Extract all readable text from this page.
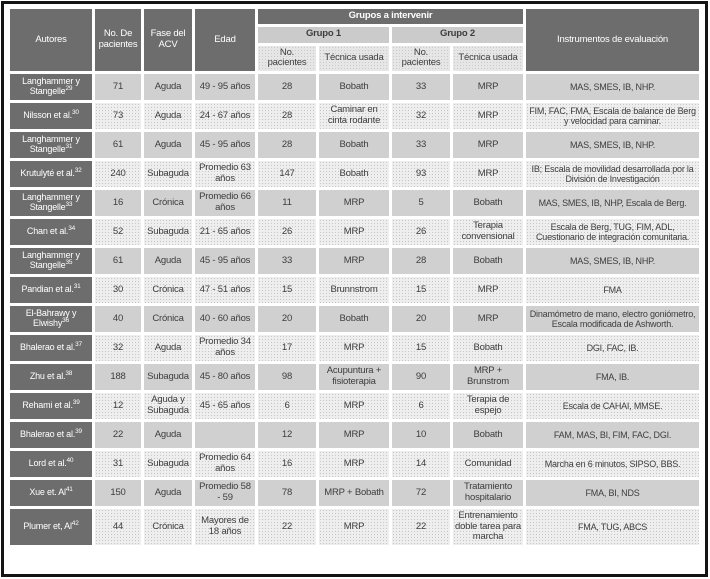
Autores	No. De pacientes	Fase del ACV	Edad	Grupos a intervenir				Instrumentos de evaluación
				Grupo 1		Grupo 2		
				No. pacientes	Técnica usada	No. pacientes	Técnica usada	
Langhammer y Stangelle$^{29}$	71	Aguda	49 - 95 años	28	Bobath	33	MRP	MAS, SMES, IB, NHP.
Nilsson et al.$^{30}$	73	Aguda	24 - 67 años	28	Caminar en cinta rodante	32	MRP	FIM, FAC, FMA, Escala de balance de Berg y velocidad para caminar.
Langhammer y Stangelle$^{31}$	61	Aguda	45 - 95 años	28	Bobath	33	MRP	MAS, SMES, IB, NHP.
Krutulyté et al.$^{32}$	240	Subaguda	Promedio 63 años	147	Bobath	93	MRP	IB; Escala de movilidad desarrollada por la División de Investigación
Langhammer y Stangelle$^{33}$	16	Crónica	Promedio 66 años	11	MRP	5	Bobath	MAS, SMES, IB, NHP, Escala de Berg.
Chan et al.$^{34}$	52	Subaguda	21 - 65 años	26	MRP	26	Terapia convensional	Escala de Berg, TUG, FIM, ADL, Cuestionario de integración comunitaria.
Langhammer y Stangelle$^{35}$	61	Aguda	45 - 95 años	33	MRP	28	Bobath	MAS, SMES, IB, NHP.
Pandian et al.$^{31}$	30	Crónica	47 - 51 años	15	Brunnstrom	15	MRP	FMA
El-Bahrawy y Elwishy$^{36}$	40	Crónica	40 - 60 años	20	Bobath	20	MRP	Dinamómetro de mano, electro goniómetro, Escala modificada de Ashworth.
Bhalerao et al.$^{37}$	32	Aguda	Promedio 34 años	17	MRP	15	Bobath	DGI, FAC, IB.
Zhu et al.$^{38}$	188	Subaguda	45 - 80 años	98	Acupuntura + fisioterapia	90	MRP + Brunstrom	FMA, IB.
Rehami et al.$^{39}$	12	Aguda y Subaguda	45 - 65 años	6	MRP	6	Terapia de espejo	Escala de CAHAI, MMSE.
Bhalerao et al.$^{39}$	22	Aguda		12	MRP	10	Bobath	FAM, MAS, BI, FIM, FAC, DGI.
Lord et al.$^{40}$	31	Subaguda	Promedio 64 años	16	MRP	14	Comunidad	Marcha en 6 minutos, SIPSO, BBS.
Xue et. Al$^{41}$	150	Aguda	Promedio 58 - 59	78	MRP + Bobath	72	Tratamiento hospitalario	FMA, BI, NDS
Plumer et, Al$^{42}$	44	Crónica	Mayores de 18 años	22	MRP	22	Entrenamiento doble tarea para marcha	FMA, TUG, ABCS
